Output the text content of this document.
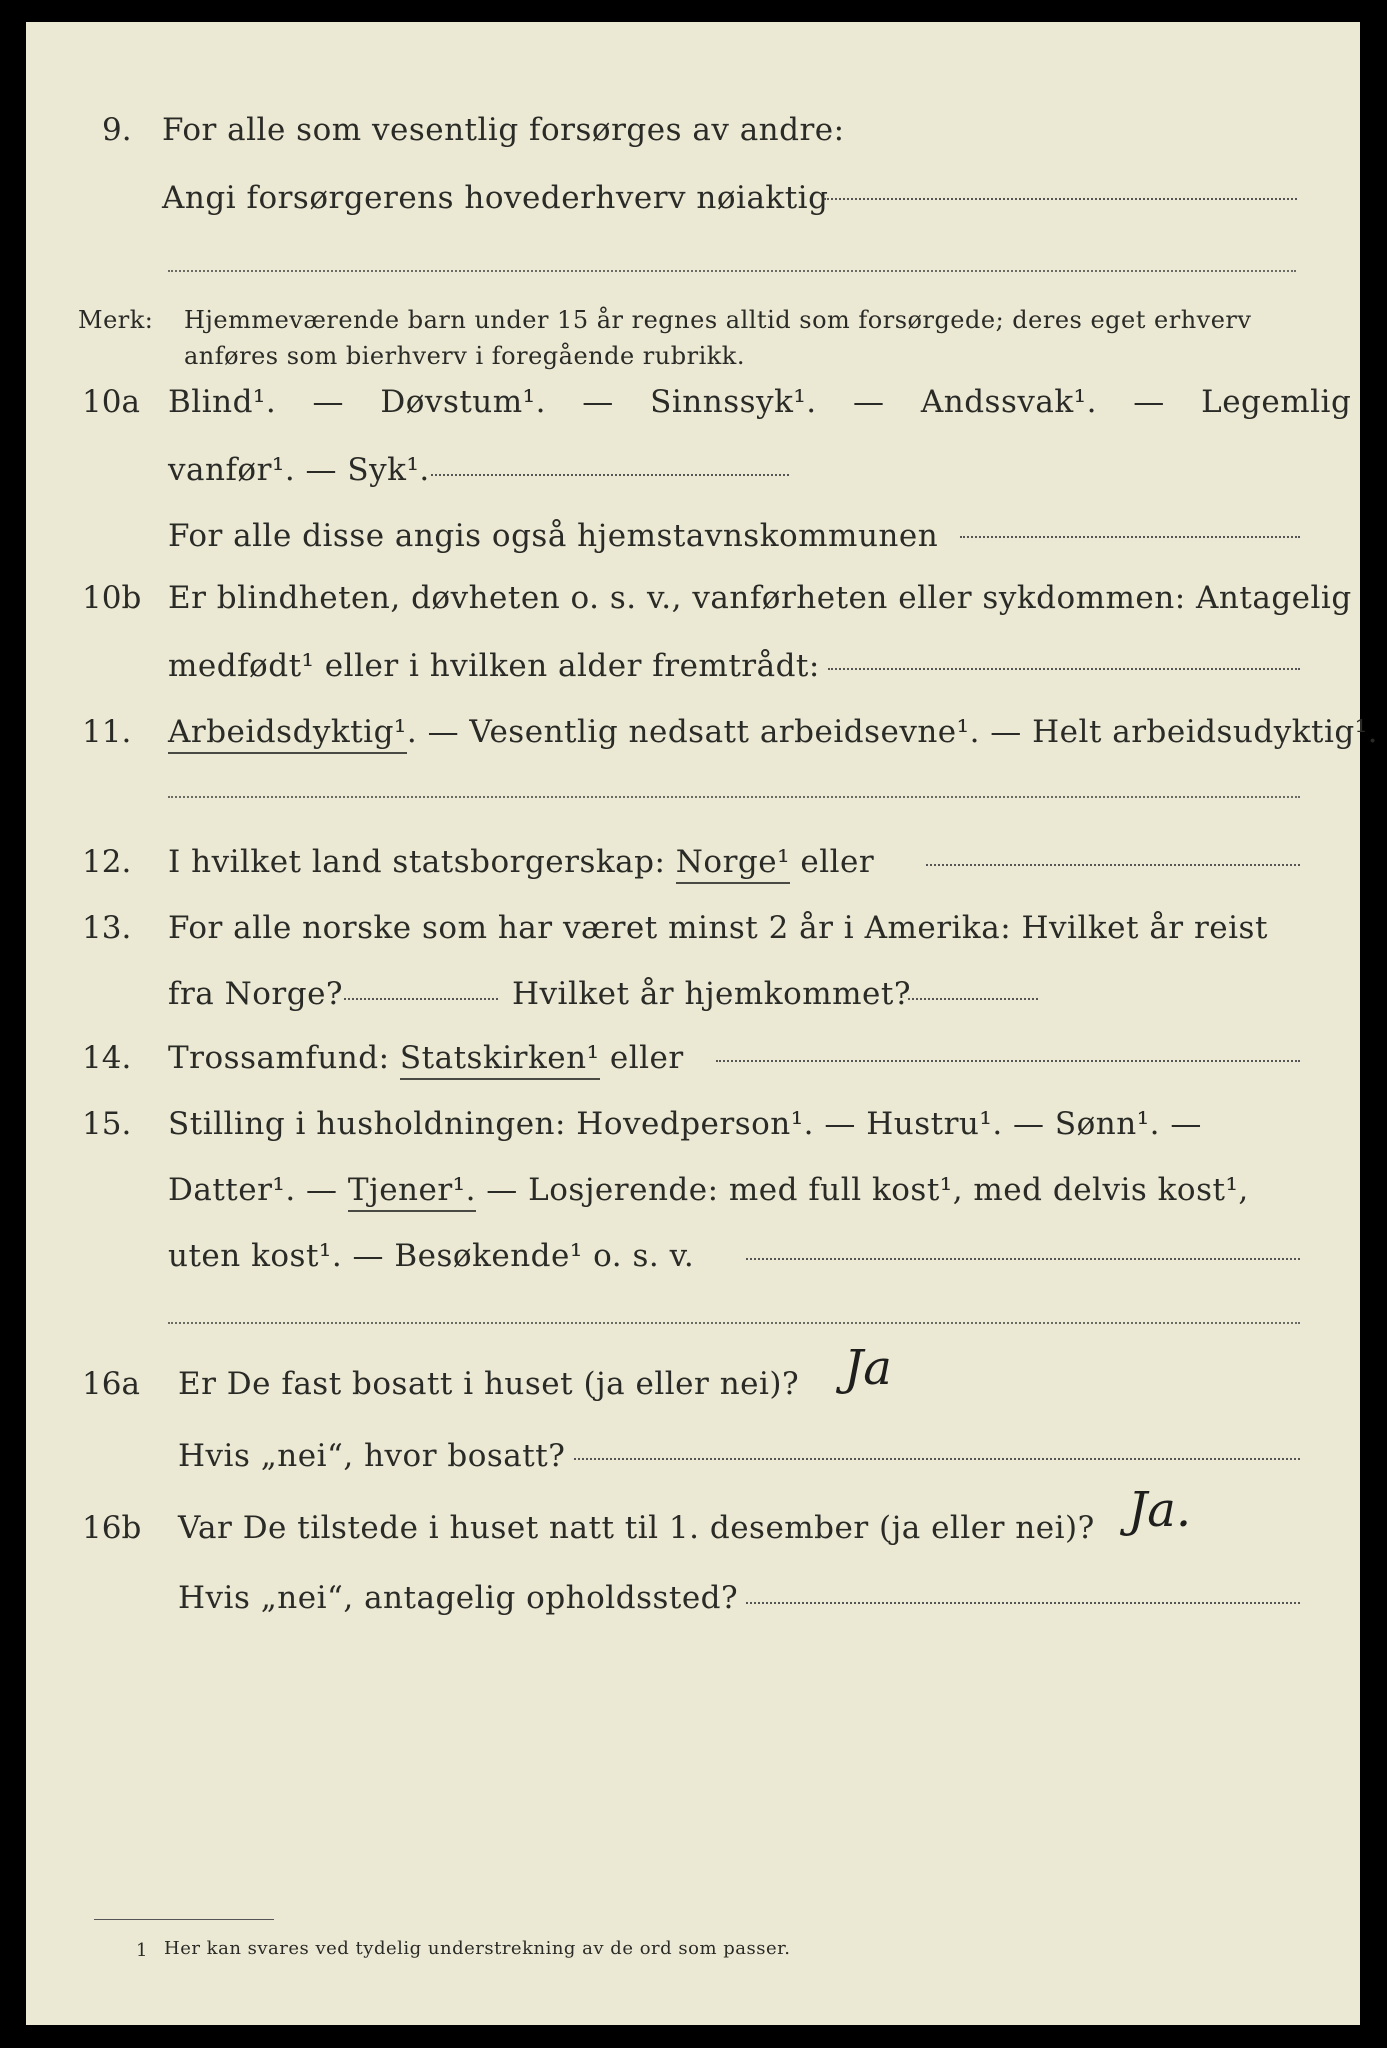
9. For alle som vesentlig forsørges av andre:
Angi forsørgerens hovederhverv nøiaktig
Merk: Hjemmeværende barn under 15 år regnes alltid som forsørgede; deres eget erhverv
anføres som bierhverv i foregående rubrikk.
10a Blind¹. — Døvstum¹. — Sinnssyk¹. — Andssvak¹. — Legemlig
vanfør¹. — Syk¹.
For alle disse angis også hjemstavnskommunen
10b Er blindheten, døvheten o. s. v., vanførheten eller sykdommen: Antagelig
medfødt¹ eller i hvilken alder fremtrådt:
11. Arbeidsdyktig¹. — Vesentlig nedsatt arbeidsevne¹. — Helt arbeidsudyktig¹.
12. I hvilket land statsborgerskap: Norge¹ eller
13. For alle norske som har været minst 2 år i Amerika: Hvilket år reist
fra Norge?	Hvilket år hjemkommet?
14. Trossamfund: Statskirken¹ eller
15. Stilling i husholdningen: Hovedperson¹. — Hustru¹. — Sønn¹. —
Datter¹. — Tjener¹. — Losjerende: med full kost¹, med delvis kost¹,
uten kost¹. — Besøkende¹ o. s. v.
16a Er De fast bosatt i huset (ja eller nei)? Ja
Hvis „nei“, hvor bosatt?
16b Var De tilstede i huset natt til 1. desember (ja eller nei)? Ja.
Hvis „nei“, antagelig opholdssted?
1 Her kan svares ved tydelig understrekning av de ord som passer.
